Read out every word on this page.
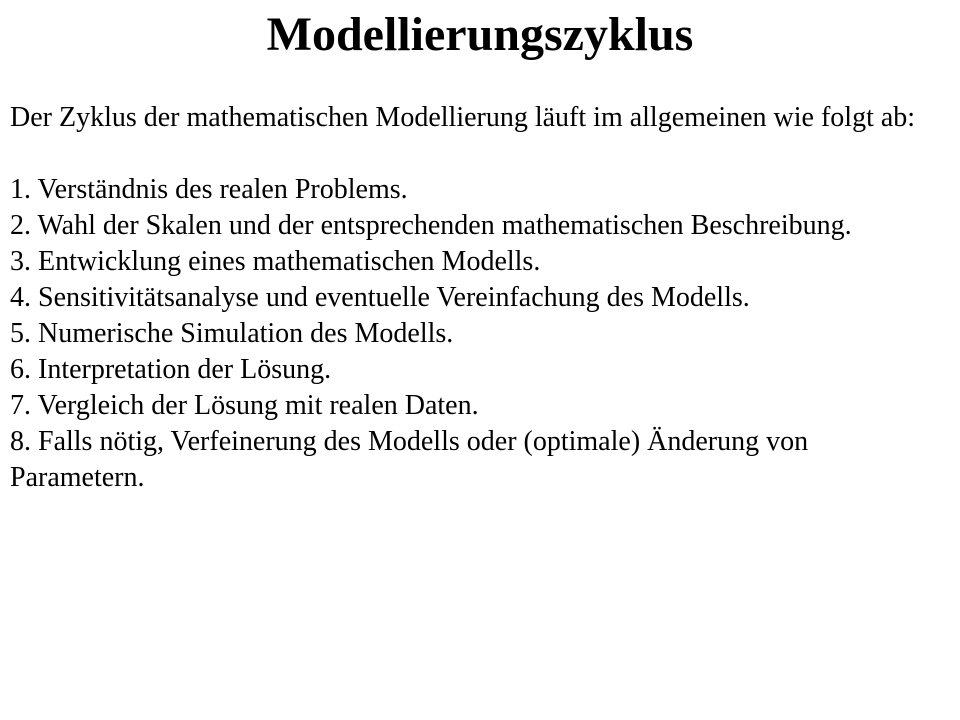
Modellierungszyklus

Der Zyklus der mathematischen Modellierung läuft im allgemeinen wie folgt ab:

1. Verständnis des realen Problems.
2. Wahl der Skalen und der entsprechenden mathematischen Beschreibung.
3. Entwicklung eines mathematischen Modells.
4. Sensitivitätsanalyse und eventuelle Vereinfachung des Modells.
5. Numerische Simulation des Modells.
6. Interpretation der Lösung.
7. Vergleich der Lösung mit realen Daten.
8. Falls nötig, Verfeinerung des Modells oder (optimale) Änderung von Parametern.
